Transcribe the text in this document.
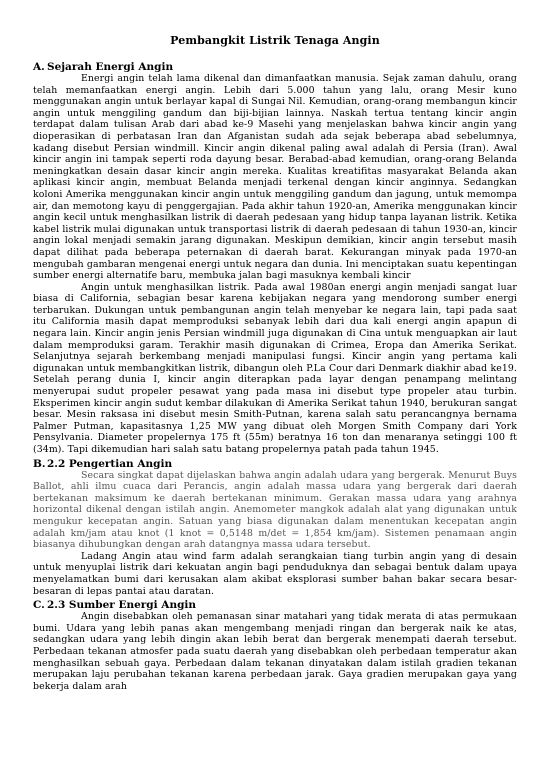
Pembangkit Listrik Tenaga Angin
A. Sejarah Energi Angin

Energi angin telah lama dikenal dan dimanfaatkan manusia. Sejak zaman dahulu, orang telah memanfaatkan energi angin. Lebih dari 5.000 tahun yang lalu, orang Mesir kuno menggunakan angin untuk berlayar kapal di Sungai Nil. Kemudian, orang-orang membangun kincir angin untuk menggiling gandum dan biji-bijian lainnya. Naskah tertua tentang kincir angin terdapat dalam tulisan Arab dari abad ke-9 Masehi yang menjelaskan bahwa kincir angin yang dioperasikan di perbatasan Iran dan Afganistan sudah ada sejak beberapa abad sebelumnya, kadang disebut Persian windmill. Kincir angin dikenal paling awal adalah di Persia (Iran). Awal kincir angin ini tampak seperti roda dayung besar. Berabad-abad kemudian, orang-orang Belanda meningkatkan desain dasar kincir angin mereka. Kualitas kreatifitas masyarakat Belanda akan aplikasi kincir angin, membuat Belanda menjadi terkenal dengan kincir anginnya. Sedangkan koloni Amerika menggunakan kincir angin untuk menggiling gandum dan jagung, untuk memompa air, dan memotong kayu di penggergajian. Pada akhir tahun 1920-an, Amerika menggunakan kincir angin kecil untuk menghasilkan listrik di daerah pedesaan yang hidup tanpa layanan listrik. Ketika kabel listrik mulai digunakan untuk transportasi listrik di daerah pedesaan di tahun 1930-an, kincir angin lokal menjadi semakin jarang digunakan. Meskipun demikian, kincir angin tersebut masih dapat dilihat pada beberapa peternakan di daerah barat. Kekurangan minyak pada 1970-an mengubah gambaran mengenai energi untuk negara dan dunia. Ini menciptakan suatu kepentingan sumber energi alternatife baru, membuka jalan bagi masuknya kembali kincir

Angin untuk menghasilkan listrik. Pada awal 1980an energi angin menjadi sangat luar biasa di California, sebagian besar karena kebijakan negara yang mendorong sumber energi terbarukan. Dukungan untuk pembangunan angin telah menyebar ke negara lain, tapi pada saat itu California masih dapat memproduksi sebanyak lebih dari dua kali energi angin apapun di negara lain. Kincir angin jenis Persian windmill juga digunakan di Cina untuk menguapkan air laut dalam memproduksi garam. Terakhir masih digunakan di Crimea, Eropa dan Amerika Serikat. Selanjutnya sejarah berkembang menjadi manipulasi fungsi. Kincir angin yang pertama kali digunakan untuk membangkitkan listrik, dibangun oleh P.La Cour dari Denmark diakhir abad ke19. Setelah perang dunia I, kincir angin diterapkan pada layar dengan penampang melintang menyerupai sudut propeler pesawat yang pada masa ini disebut type propeler atau turbin. Eksperimen kincir angin sudut kembar dilakukan di Amerika Serikat tahun 1940, berukuran sangat besar. Mesin raksasa ini disebut mesin Smith-Putnan, karena salah satu perancangnya bernama Palmer Putman, kapasitasnya 1,25 MW yang dibuat oleh Morgen Smith Company dari York Pensylvania. Diameter propelernya 175 ft (55m) beratnya 16 ton dan menaranya setinggi 100 ft (34m). Tapi dikemudian hari salah satu batang propelernya patah pada tahun 1945.

B.2.2 Pengertian Angin

Secara singkat dapat dijelaskan bahwa angin adalah udara yang bergerak. Menurut Buys Ballot, ahli ilmu cuaca dari Perancis, angin adalah massa udara yang bergerak dari daerah bertekanan maksimum ke daerah bertekanan minimum. Gerakan massa udara yang arahnya horizontal dikenal dengan istilah angin. Anemometer mangkok adalah alat yang digunakan untuk mengukur kecepatan angin. Satuan yang biasa digunakan dalam menentukan kecepatan angin adalah km/jam atau knot (1 knot = 0,5148 m/det = 1,854 km/jam). Sistemen penamaan angin biasanya dihubungkan dengan arah datangnya massa udara tersebut.

Ladang Angin atau wind farm adalah serangkaian tiang turbin angin yang di desain untuk menyuplai listrik dari kekuatan angin bagi penduduknya dan sebagai bentuk dalam upaya menyelamatkan bumi dari kerusakan alam akibat eksplorasi sumber bahan bakar secara besar-besaran di lepas pantai atau daratan.

C. 2.3 Sumber Energi Angin

Angin disebabkan oleh pemanasan sinar matahari yang tidak merata di atas permukaan bumi. Udara yang lebih panas akan mengembang menjadi ringan dan bergerak naik ke atas, sedangkan udara yang lebih dingin akan lebih berat dan bergerak menempati daerah tersebut. Perbedaan tekanan atmosfer pada suatu daerah yang disebabkan oleh perbedaan temperatur akan menghasilkan sebuah gaya. Perbedaan dalam tekanan dinyatakan dalam istilah gradien tekanan merupakan laju perubahan tekanan karena perbedaan jarak. Gaya gradien merupakan gaya yang bekerja dalam arah
